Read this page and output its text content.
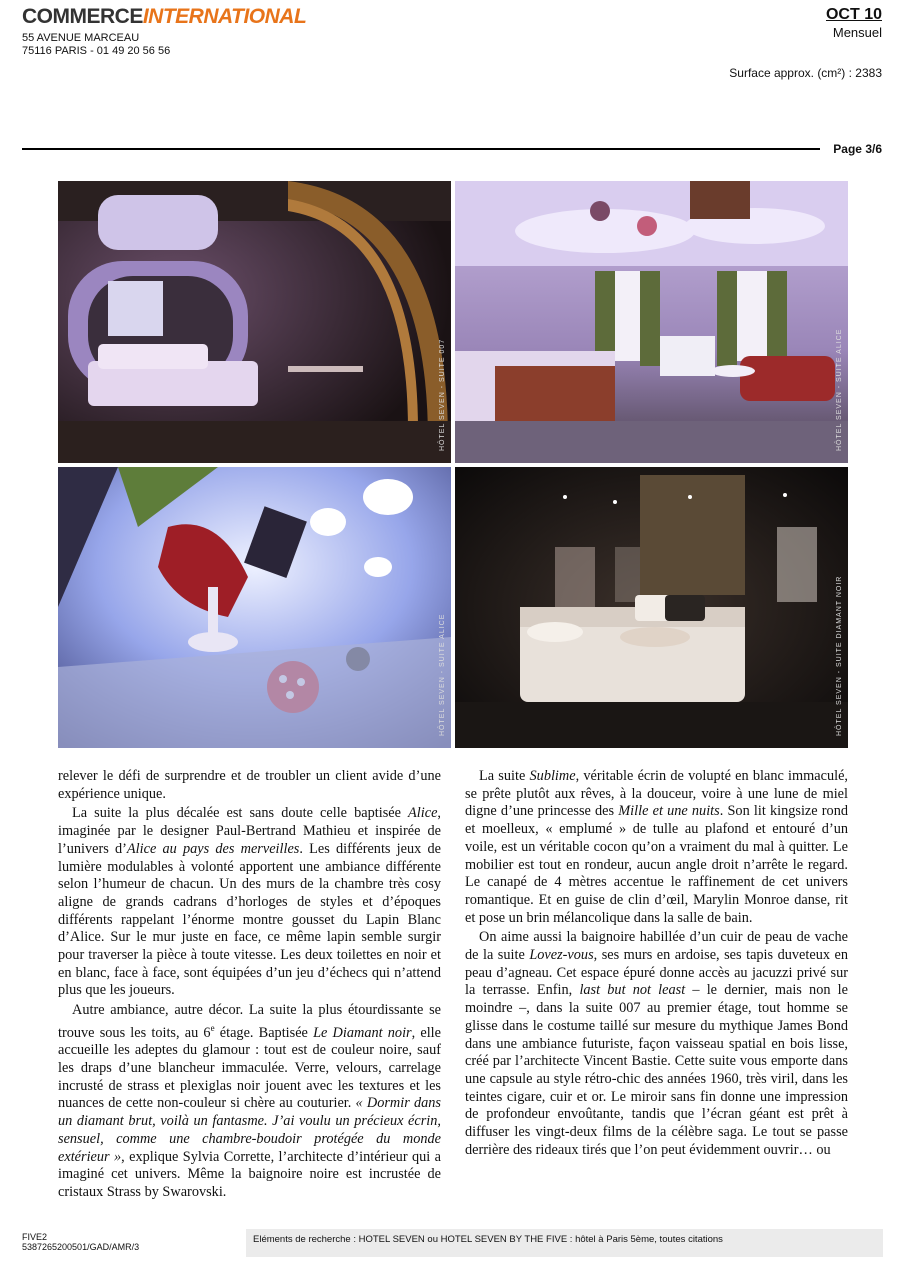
COMMERCEINTERNATIONAL
55 AVENUE MARCEAU
75116 PARIS - 01 49 20 56 56
OCT 10
Mensuel
Surface approx. (cm²) : 2383
Page 3/6
HÔTEL SEVEN - SUITE 007	HÔTEL SEVEN - SUITE ALICE
HÔTEL SEVEN - SUITE ALICE	HÔTEL SEVEN - SUITE DIAMANT NOIR

relever le défi de surprendre et de troubler un client avide d’une expérience unique.

La suite la plus décalée est sans doute celle baptisée Alice, imaginée par le designer Paul-Bertrand Mathieu et inspirée de l’univers d’Alice au pays des merveilles. Les différents jeux de lumière modulables à volonté apportent une ambiance différente selon l’humeur de chacun. Un des murs de la chambre très cosy aligne de grands cadrans d’horloges de styles et d’époques différents rappelant l’énorme montre gousset du Lapin Blanc d’Alice. Sur le mur juste en face, ce même lapin semble surgir pour traverser la pièce à toute vitesse. Les deux toilettes en noir et en blanc, face à face, sont équipées d’un jeu d’échecs qui n’attend plus que les joueurs.

Autre ambiance, autre décor. La suite la plus étourdissante se trouve sous les toits, au 6e étage. Baptisée Le Diamant noir, elle accueille les adeptes du glamour : tout est de couleur noire, sauf les draps d’une blancheur immaculée. Verre, velours, carrelage incrusté de strass et plexiglas noir jouent avec les textures et les nuances de cette non-couleur si chère au couturier. « Dormir dans un diamant brut, voilà un fantasme. J’ai voulu un précieux écrin, sensuel, comme une chambre-boudoir protégée du monde extérieur », explique Sylvia Corrette, l’architecte d’intérieur qui a imaginé cet univers. Même la baignoire noire est incrustée de cristaux Strass by Swarovski.

La suite Sublime, véritable écrin de volupté en blanc immaculé, se prête plutôt aux rêves, à la douceur, voire à une lune de miel digne d’une princesse des Mille et une nuits. Son lit kingsize rond et moelleux, « emplumé » de tulle au plafond et entouré d’un voile, est un véritable cocon qu’on a vraiment du mal à quitter. Le mobilier est tout en rondeur, aucun angle droit n’arrête le regard. Le canapé de 4 mètres accentue le raffinement de cet univers romantique. Et en guise de clin d’œil, Marylin Monroe danse, rit et pose un brin mélancolique dans la salle de bain.

On aime aussi la baignoire habillée d’un cuir de peau de vache de la suite Lovez-vous, ses murs en ardoise, ses tapis duveteux en peau d’agneau. Cet espace épuré donne accès au jacuzzi privé sur la terrasse. Enfin, last but not least – le dernier, mais non le moindre –, dans la suite 007 au premier étage, tout homme se glisse dans le costume taillé sur mesure du mythique James Bond dans une ambiance futuriste, façon vaisseau spatial en bois lisse, créé par l’architecte Vincent Bastie. Cette suite vous emporte dans une capsule au style rétro-chic des années 1960, très viril, dans les teintes cigare, cuir et or. Le miroir sans fin donne une impression de profondeur envoûtante, tandis que l’écran géant est prêt à diffuser les vingt-deux films de la célèbre saga. Le tout se passe derrière des rideaux tirés que l’on peut évidemment ouvrir… ou

FIVE2
5387265200501/GAD/AMR/3
Eléments de recherche : HOTEL SEVEN ou HOTEL SEVEN BY THE FIVE : hôtel à Paris 5ème, toutes citations
